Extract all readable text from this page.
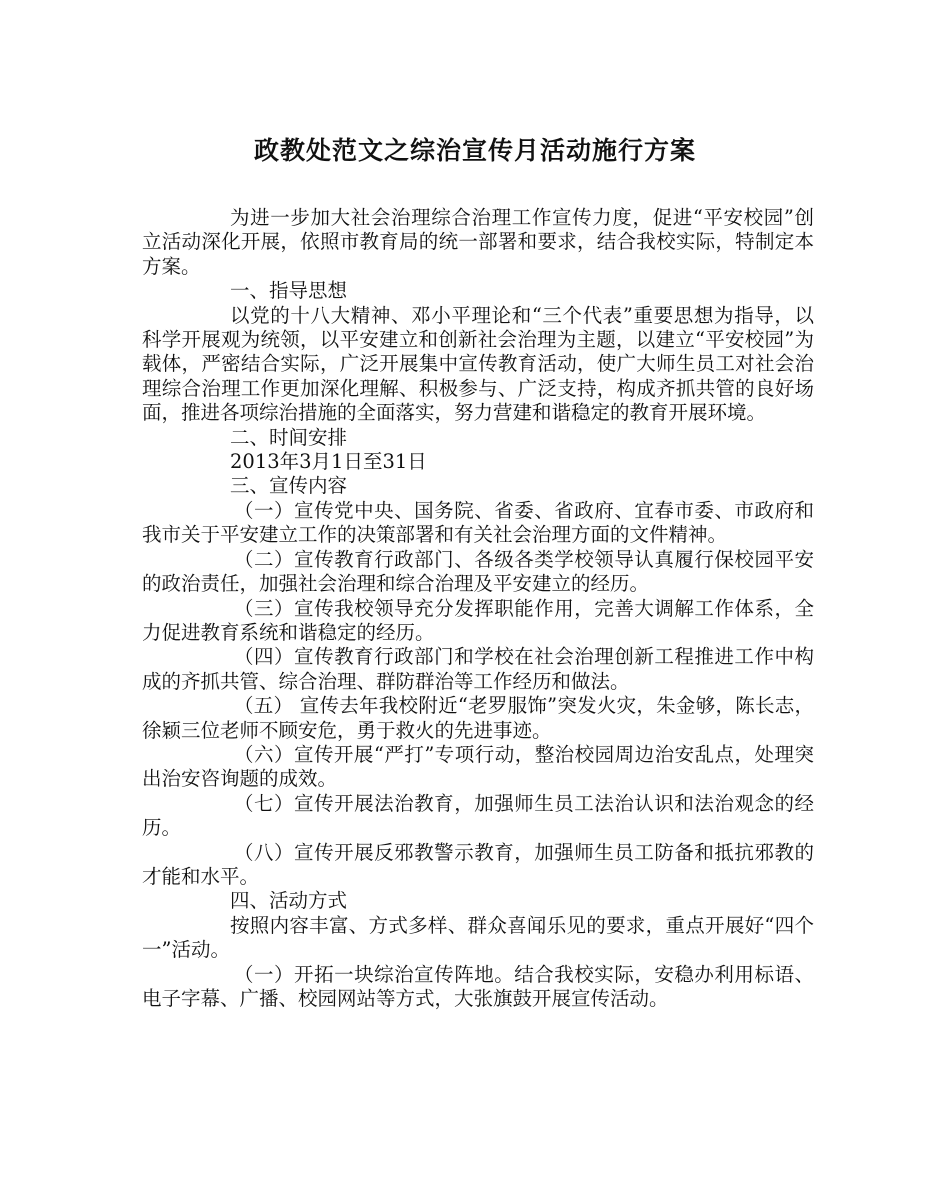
政教处范文之综治宣传月活动施行方案

为进一步加大社会治理综合治理工作宣传力度，促进“平安校园”创立活动深化开展，依照市教育局的统一部署和要求，结合我校实际，特制定本方案。

一、指导思想

以党的十八大精神、邓小平理论和“三个代表”重要思想为指导，以科学开展观为统领，以平安建立和创新社会治理为主题，以建立“平安校园”为载体，严密结合实际，广泛开展集中宣传教育活动，使广大师生员工对社会治理综合治理工作更加深化理解、积极参与、广泛支持，构成齐抓共管的良好场面，推进各项综治措施的全面落实，努力营建和谐稳定的教育开展环境。

二、时间安排

2013年3月1日至31日

三、宣传内容

（一）宣传党中央、国务院、省委、省政府、宜春市委、市政府和我市关于平安建立工作的决策部署和有关社会治理方面的文件精神。

（二）宣传教育行政部门、各级各类学校领导认真履行保校园平安的政治责任，加强社会治理和综合治理及平安建立的经历。

（三）宣传我校领导充分发挥职能作用，完善大调解工作体系，全力促进教育系统和谐稳定的经历。

（四）宣传教育行政部门和学校在社会治理创新工程推进工作中构成的齐抓共管、综合治理、群防群治等工作经历和做法。

（五） 宣传去年我校附近“老罗服饰”突发火灾，朱金够，陈长志，徐颖三位老师不顾安危，勇于救火的先进事迹。

（六）宣传开展“严打”专项行动，整治校园周边治安乱点，处理突出治安咨询题的成效。

（七）宣传开展法治教育，加强师生员工法治认识和法治观念的经历。

（八）宣传开展反邪教警示教育，加强师生员工防备和抵抗邪教的才能和水平。

四、活动方式

按照内容丰富、方式多样、群众喜闻乐见的要求，重点开展好“四个一”活动。

（一）开拓一块综治宣传阵地。结合我校实际，安稳办利用标语、电子字幕、广播、校园网站等方式，大张旗鼓开展宣传活动。
